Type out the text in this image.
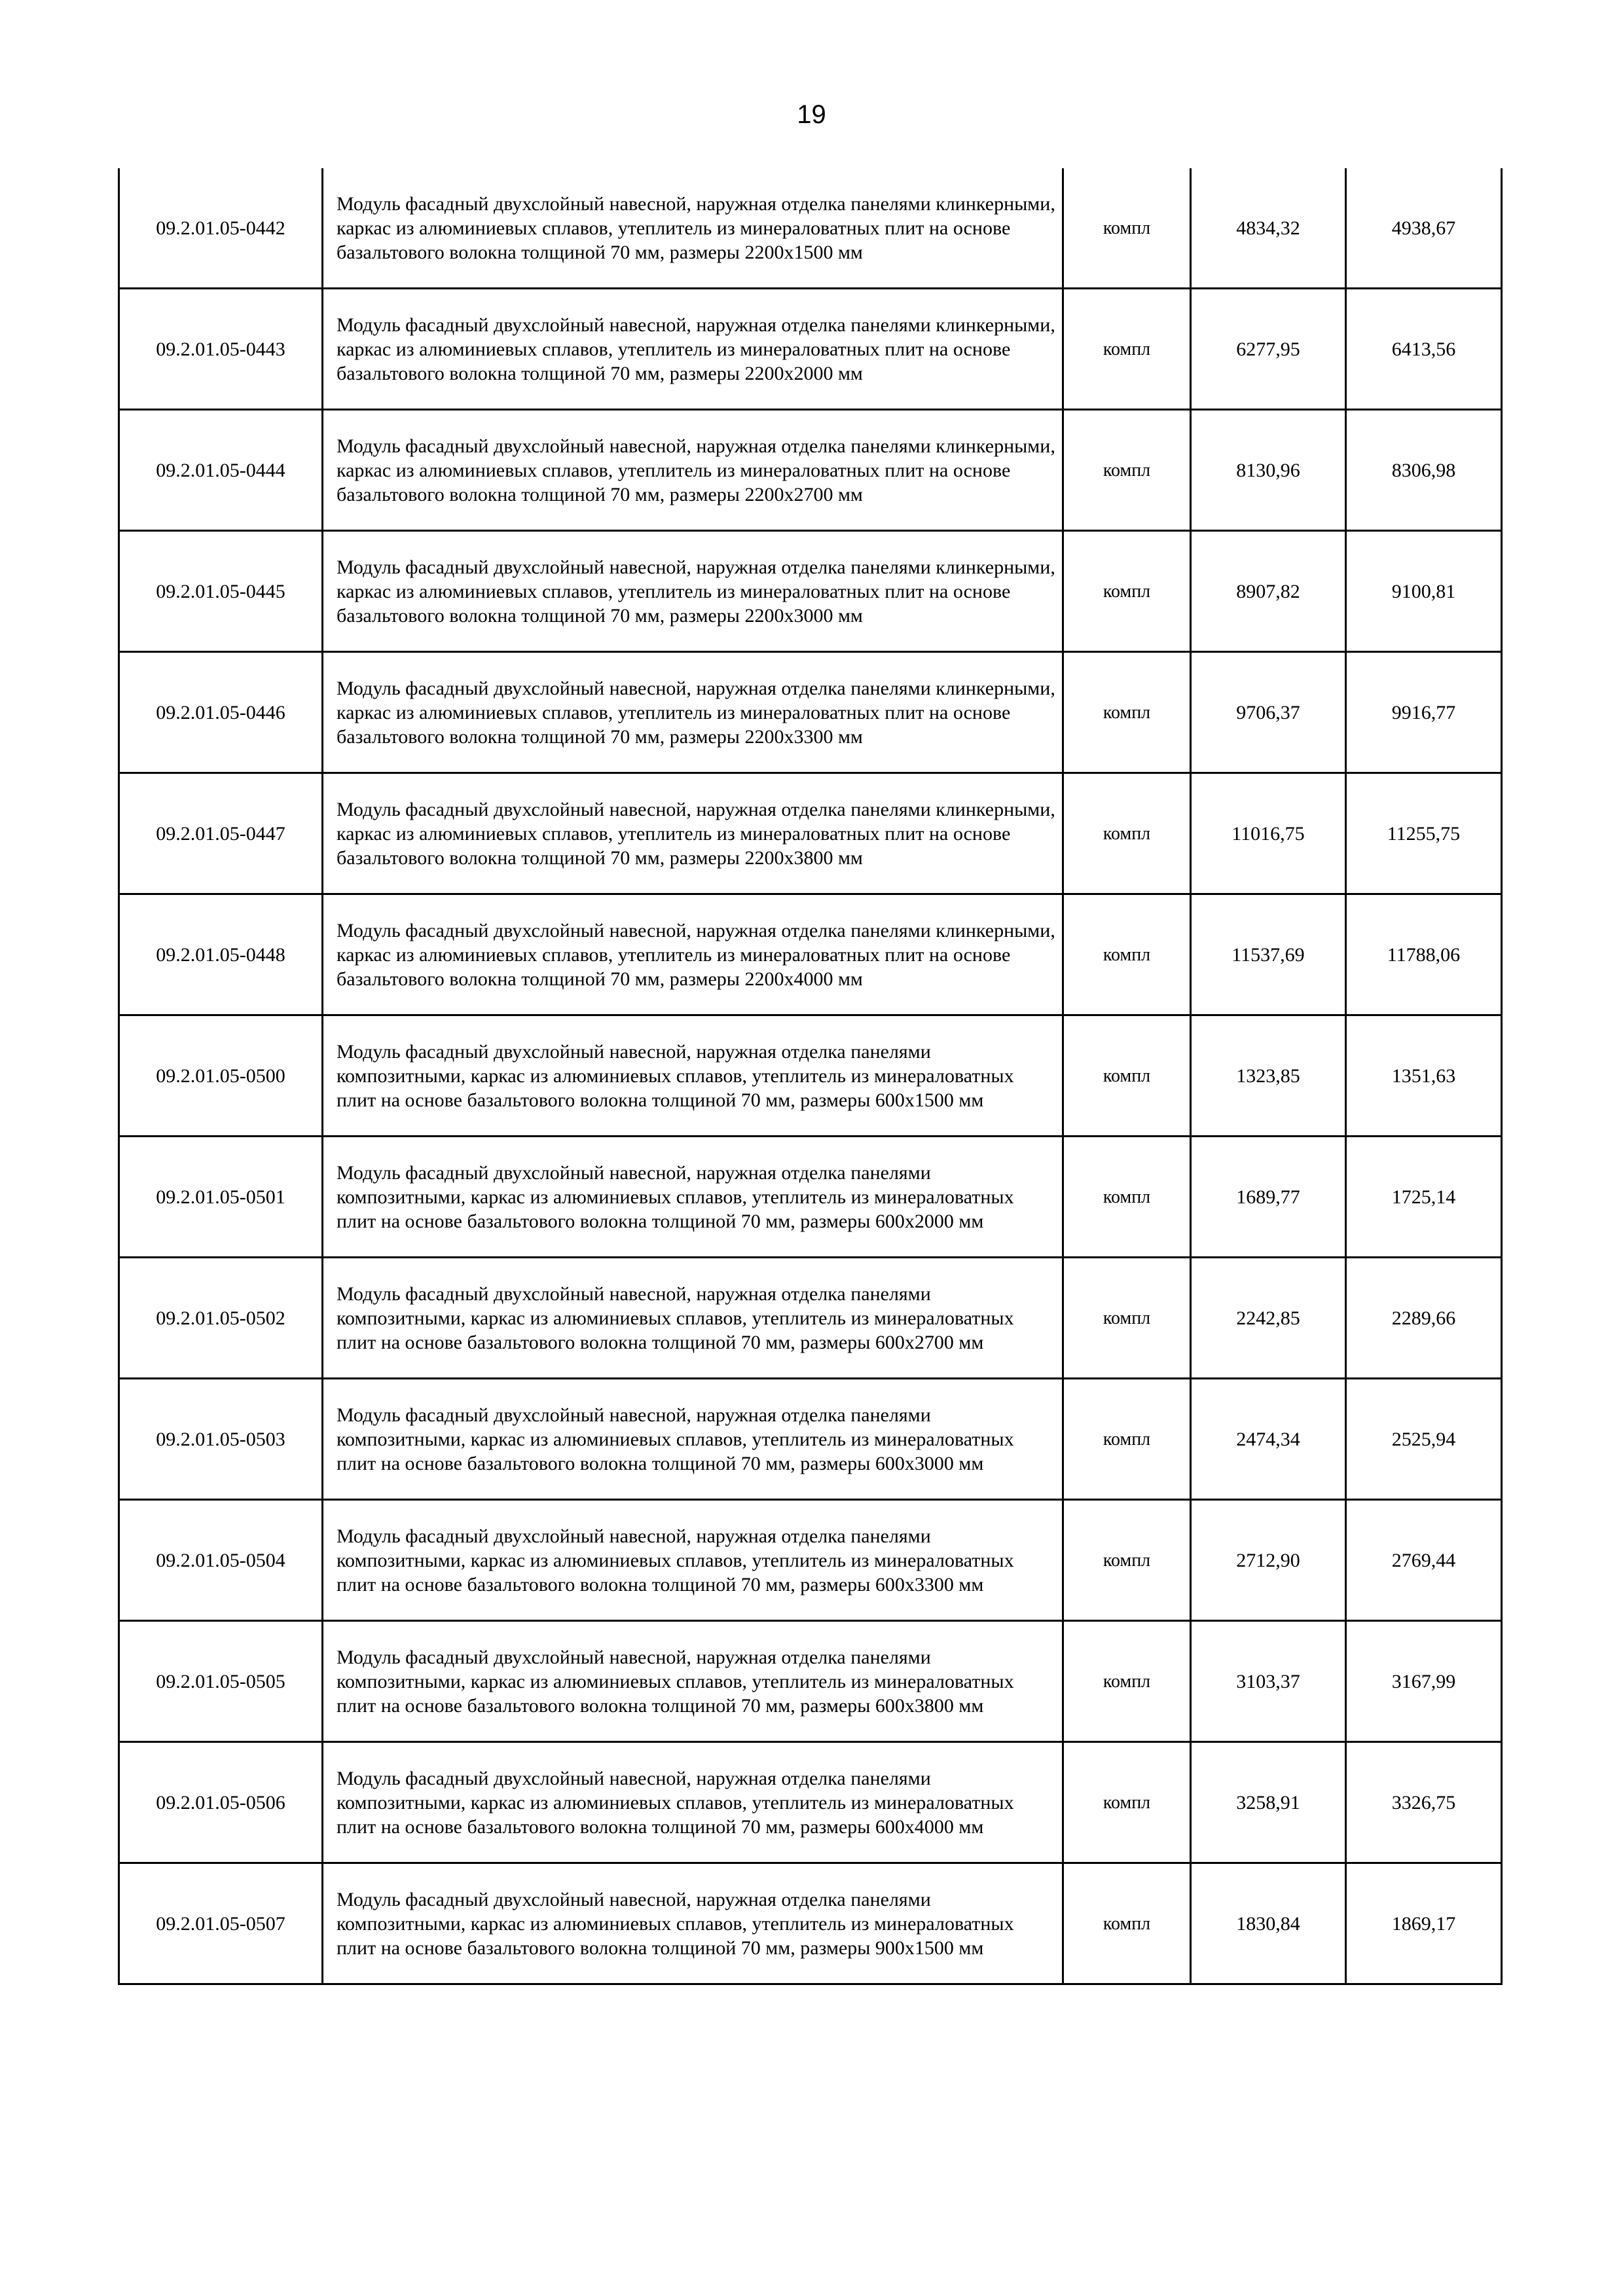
19
09.2.01.05-0442	Модуль фасадный двухслойный навесной, наружная отделка панелями клинкерными, каркас из алюминиевых сплавов, утеплитель из минераловатных плит на основе базальтового волокна толщиной 70 мм, размеры 2200х1500 мм	компл	4834,32	4938,67
09.2.01.05-0443	Модуль фасадный двухслойный навесной, наружная отделка панелями клинкерными, каркас из алюминиевых сплавов, утеплитель из минераловатных плит на основе базальтового волокна толщиной 70 мм, размеры 2200х2000 мм	компл	6277,95	6413,56
09.2.01.05-0444	Модуль фасадный двухслойный навесной, наружная отделка панелями клинкерными, каркас из алюминиевых сплавов, утеплитель из минераловатных плит на основе базальтового волокна толщиной 70 мм, размеры 2200х2700 мм	компл	8130,96	8306,98
09.2.01.05-0445	Модуль фасадный двухслойный навесной, наружная отделка панелями клинкерными, каркас из алюминиевых сплавов, утеплитель из минераловатных плит на основе базальтового волокна толщиной 70 мм, размеры 2200х3000 мм	компл	8907,82	9100,81
09.2.01.05-0446	Модуль фасадный двухслойный навесной, наружная отделка панелями клинкерными, каркас из алюминиевых сплавов, утеплитель из минераловатных плит на основе базальтового волокна толщиной 70 мм, размеры 2200х3300 мм	компл	9706,37	9916,77
09.2.01.05-0447	Модуль фасадный двухслойный навесной, наружная отделка панелями клинкерными, каркас из алюминиевых сплавов, утеплитель из минераловатных плит на основе базальтового волокна толщиной 70 мм, размеры 2200х3800 мм	компл	11016,75	11255,75
09.2.01.05-0448	Модуль фасадный двухслойный навесной, наружная отделка панелями клинкерными, каркас из алюминиевых сплавов, утеплитель из минераловатных плит на основе базальтового волокна толщиной 70 мм, размеры 2200х4000 мм	компл	11537,69	11788,06
09.2.01.05-0500	Модуль фасадный двухслойный навесной, наружная отделка панелями композитными, каркас из алюминиевых сплавов, утеплитель из минераловатных плит на основе базальтового волокна толщиной 70 мм, размеры 600х1500 мм	компл	1323,85	1351,63
09.2.01.05-0501	Модуль фасадный двухслойный навесной, наружная отделка панелями композитными, каркас из алюминиевых сплавов, утеплитель из минераловатных плит на основе базальтового волокна толщиной 70 мм, размеры 600х2000 мм	компл	1689,77	1725,14
09.2.01.05-0502	Модуль фасадный двухслойный навесной, наружная отделка панелями композитными, каркас из алюминиевых сплавов, утеплитель из минераловатных плит на основе базальтового волокна толщиной 70 мм, размеры 600х2700 мм	компл	2242,85	2289,66
09.2.01.05-0503	Модуль фасадный двухслойный навесной, наружная отделка панелями композитными, каркас из алюминиевых сплавов, утеплитель из минераловатных плит на основе базальтового волокна толщиной 70 мм, размеры 600х3000 мм	компл	2474,34	2525,94
09.2.01.05-0504	Модуль фасадный двухслойный навесной, наружная отделка панелями композитными, каркас из алюминиевых сплавов, утеплитель из минераловатных плит на основе базальтового волокна толщиной 70 мм, размеры 600х3300 мм	компл	2712,90	2769,44
09.2.01.05-0505	Модуль фасадный двухслойный навесной, наружная отделка панелями композитными, каркас из алюминиевых сплавов, утеплитель из минераловатных плит на основе базальтового волокна толщиной 70 мм, размеры 600х3800 мм	компл	3103,37	3167,99
09.2.01.05-0506	Модуль фасадный двухслойный навесной, наружная отделка панелями композитными, каркас из алюминиевых сплавов, утеплитель из минераловатных плит на основе базальтового волокна толщиной 70 мм, размеры 600х4000 мм	компл	3258,91	3326,75
09.2.01.05-0507	Модуль фасадный двухслойный навесной, наружная отделка панелями композитными, каркас из алюминиевых сплавов, утеплитель из минераловатных плит на основе базальтового волокна толщиной 70 мм, размеры 900х1500 мм	компл	1830,84	1869,17
